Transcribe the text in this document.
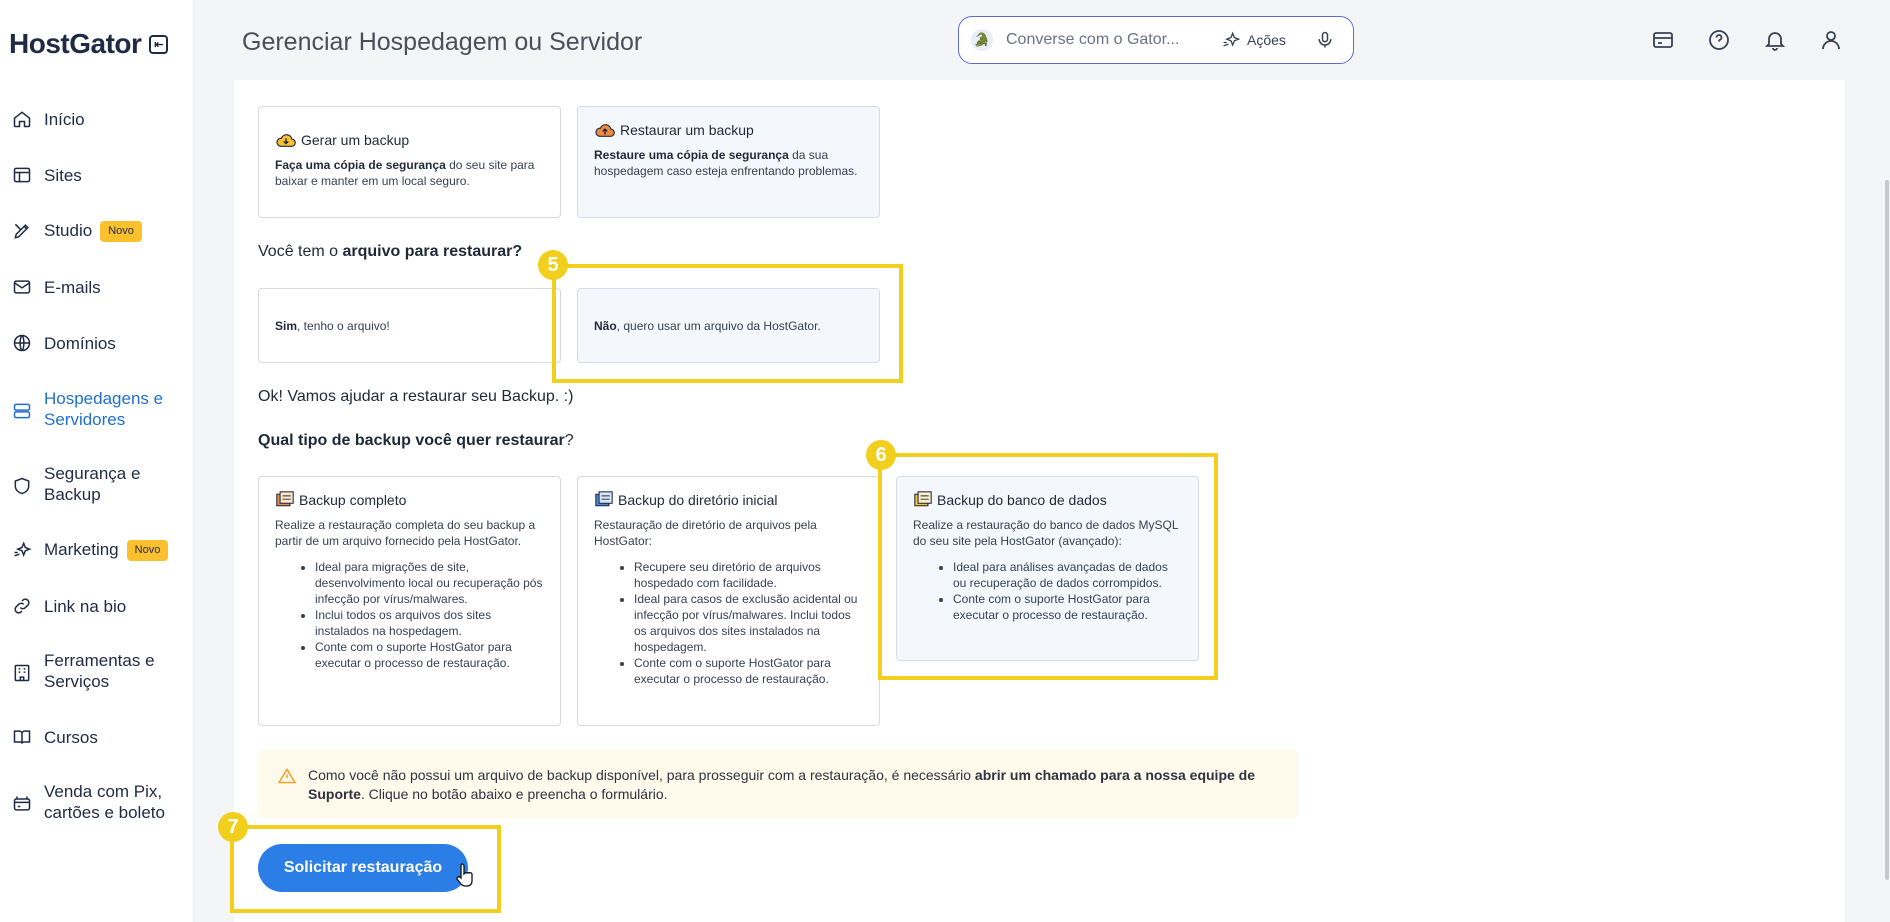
HostGator	⇤
Início
Sites
Studio Novo
E-mails
Domínios
Hospedagens e Servidores
Segurança e Backup
Marketing Novo
Link na bio
Ferramentas e Serviços
Cursos
Venda com Pix, cartões e boleto
Gerenciar Hospedagem ou Servidor	🐊 Converse com o Gator...	Ações
Gerar um backup
Faça uma cópia de segurança do seu site para baixar e manter em um local seguro.
Restaurar um backup
Restaure uma cópia de segurança da sua hospedagem caso esteja enfrentando problemas.
Você tem o arquivo para restaurar?
Sim, tenho o arquivo!	Não, quero usar um arquivo da HostGator.
5
Ok! Vamos ajudar a restaurar seu Backup. :)
Qual tipo de backup você quer restaurar?
Backup completo
Realize a restauração completa do seu backup a partir de um arquivo fornecido pela HostGator.
• Ideal para migrações de site, desenvolvimento local ou recuperação pós infecção por vírus/malwares.
• Inclui todos os arquivos dos sites instalados na hospedagem.
• Conte com o suporte HostGator para executar o processo de restauração.
Backup do diretório inicial
Restauração de diretório de arquivos pela HostGator:
• Recupere seu diretório de arquivos hospedado com facilidade.
• Ideal para casos de exclusão acidental ou infecção por vírus/malwares. Inclui todos os arquivos dos sites instalados na hospedagem.
• Conte com o suporte HostGator para executar o processo de restauração.
Backup do banco de dados
Realize a restauração do banco de dados MySQL do seu site pela HostGator (avançado):
• Ideal para análises avançadas de dados ou recuperação de dados corrompidos.
• Conte com o suporte HostGator para executar o processo de restauração.
6
Como você não possui um arquivo de backup disponível, para prosseguir com a restauração, é necessário abrir um chamado para a nossa equipe de Suporte. Clique no botão abaixo e preencha o formulário.
Solicitar restauração
7
